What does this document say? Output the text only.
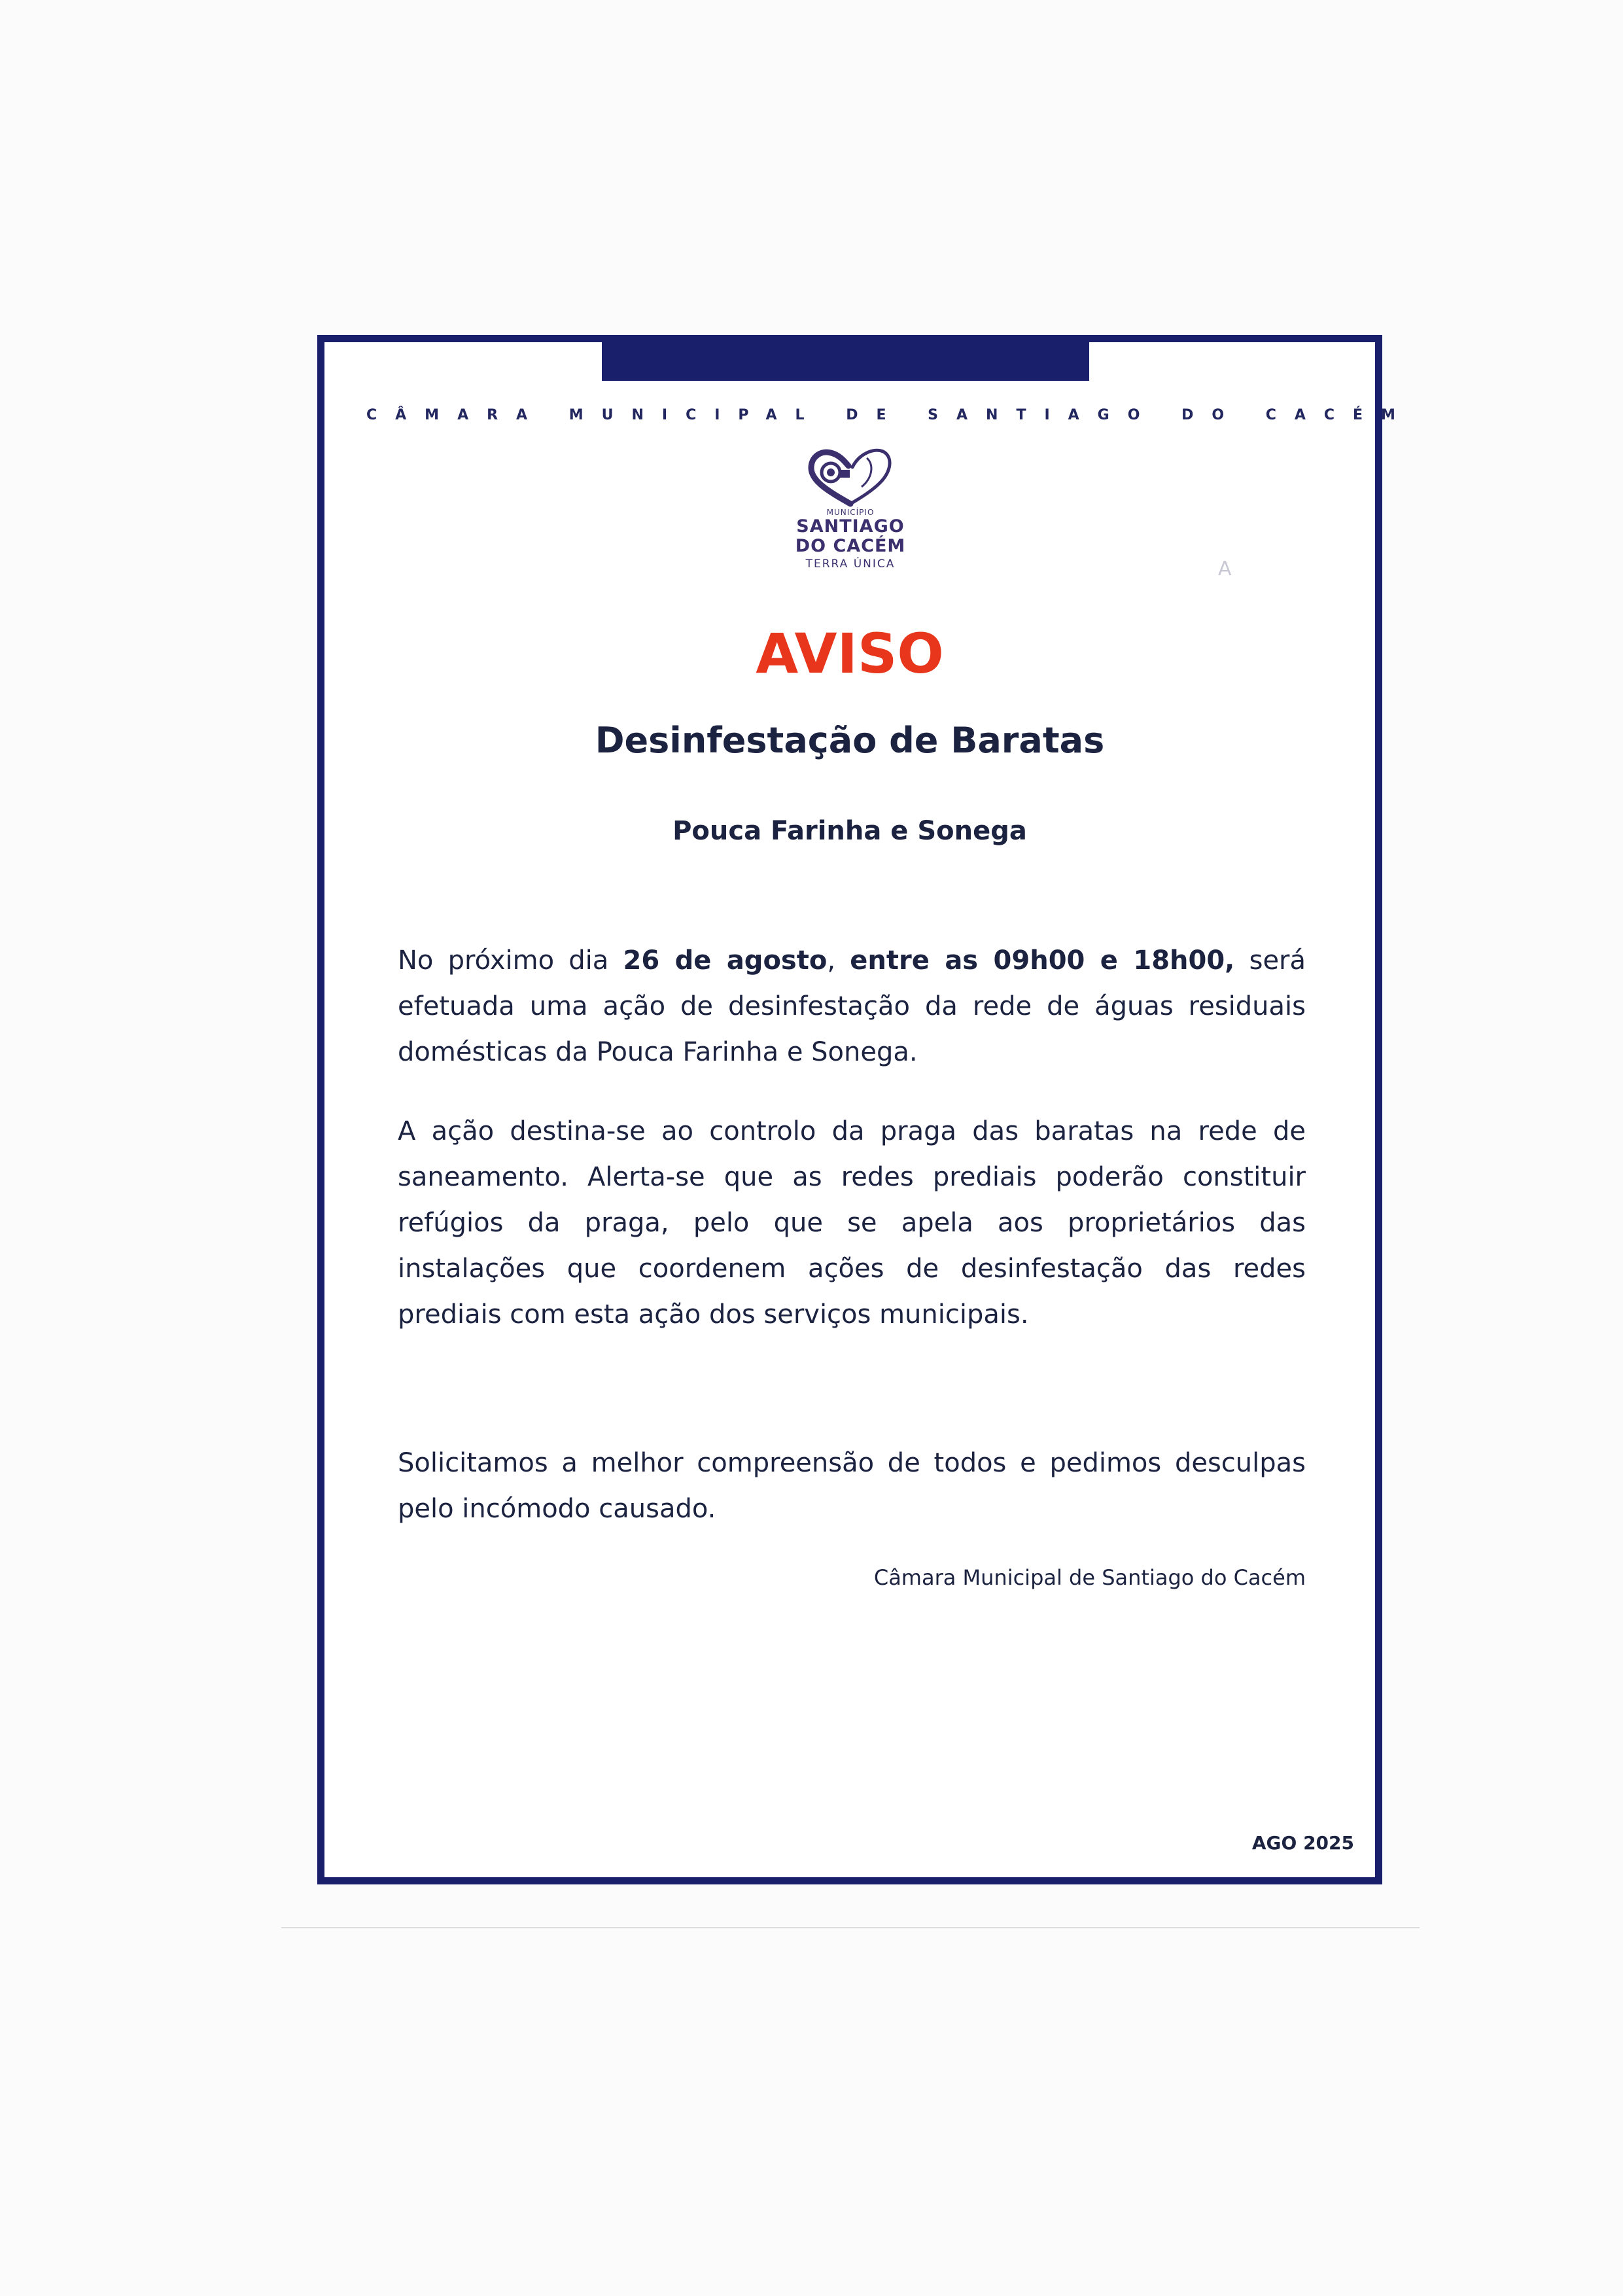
CÂMARA MUNICIPAL DE SANTIAGO DO CACÉM
MUNICÍPIO
SANTIAGO
DO CACÉM
TERRA ÚNICA	ꓮ
AVISO
Desinfestação de Baratas
Pouca Farinha e Sonega
No próximo dia 26 de agosto, entre as 09h00 e 18h00, será efetuada uma ação de desinfestação da rede de águas residuais domésticas da Pouca Farinha e Sonega.
A ação destina-se ao controlo da praga das baratas na rede de saneamento. Alerta-se que as redes prediais poderão constituir refúgios da praga, pelo que se apela aos proprietários das instalações que coordenem ações de desinfestação das redes prediais com esta ação dos serviços municipais.
Solicitamos a melhor compreensão de todos e pedimos desculpas pelo incómodo causado.
Câmara Municipal de Santiago do Cacém
AGO 2025
